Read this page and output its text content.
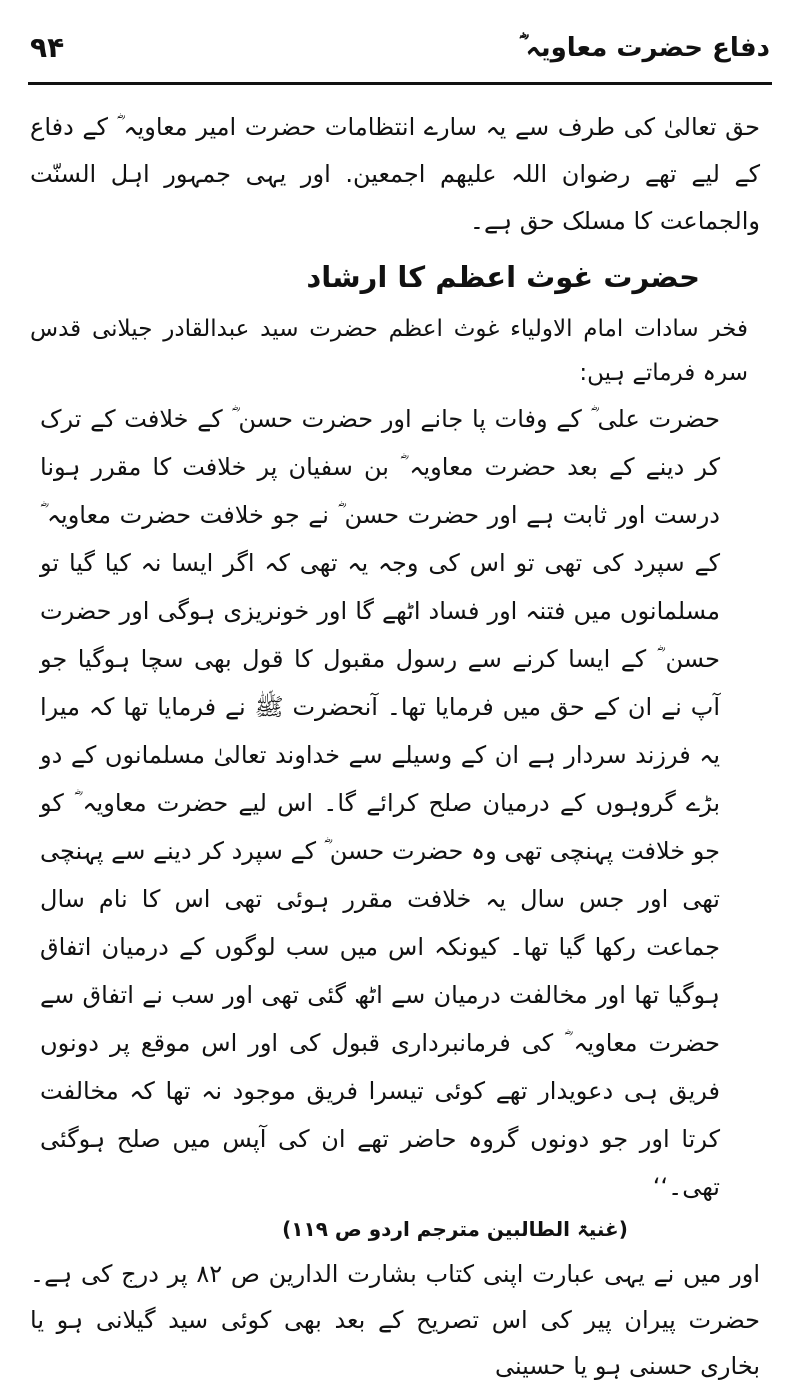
دفاع حضرت معاویہ ؓ
۹۴

حق تعالیٰ کی طرف سے یہ سارے انتظامات حضرت امیر معاویہ ؓ کے دفاع کے لیے تھے رضوان اللہ علیھم اجمعین. اور یہی جمہور اہل السنّت والجماعت کا مسلک حق ہے۔

حضرت غوث اعظم کا ارشاد

فخر سادات امام الاولیاء غوث اعظم حضرت سید عبدالقادر جیلانی قدس سرہ فرماتے ہیں:

حضرت علی ؓ کے وفات پا جانے اور حضرت حسن ؓ کے خلافت کے ترک کر دینے کے بعد حضرت معاویہ ؓ بن سفیان پر خلافت کا مقرر ہونا درست اور ثابت ہے اور حضرت حسن ؓ نے جو خلافت حضرت معاویہ ؓ کے سپرد کی تھی تو اس کی وجہ یہ تھی کہ اگر ایسا نہ کیا گیا تو مسلمانوں میں فتنہ اور فساد اٹھے گا اور خونریزی ہوگی اور حضرت حسن ؓ کے ایسا کرنے سے رسول مقبول کا قول بھی سچا ہوگیا جو آپ نے ان کے حق میں فرمایا تھا۔ آنحضرت ﷺ نے فرمایا تھا کہ میرا یہ فرزند سردار ہے ان کے وسیلے سے خداوند تعالیٰ مسلمانوں کے دو بڑے گروہوں کے درمیان صلح کرائے گا۔ اس لیے حضرت معاویہ ؓ کو جو خلافت پہنچی تھی وہ حضرت حسن ؓ کے سپرد کر دینے سے پہنچی تھی اور جس سال یہ خلافت مقرر ہوئی تھی اس کا نام سال جماعت رکھا گیا تھا۔ کیونکہ اس میں سب لوگوں کے درمیان اتفاق ہوگیا تھا اور مخالفت درمیان سے اٹھ گئی تھی اور سب نے اتفاق سے حضرت معاویہ ؓ کی فرمانبرداری قبول کی اور اس موقع پر دونوں فریق ہی دعویدار تھے کوئی تیسرا فریق موجود نہ تھا کہ مخالفت کرتا اور جو دونوں گروہ حاضر تھے ان کی آپس میں صلح ہوگئی تھی۔‘‘

(غنیۃ الطالبین مترجم اردو ص ۱۱۹)

اور میں نے یہی عبارت اپنی کتاب بشارت الدارین ص ۸۲ پر درج کی ہے۔ حضرت پیران پیر کی اس تصریح کے بعد بھی کوئی سید گیلانی ہو یا بخاری حسنی ہو یا حسینی
